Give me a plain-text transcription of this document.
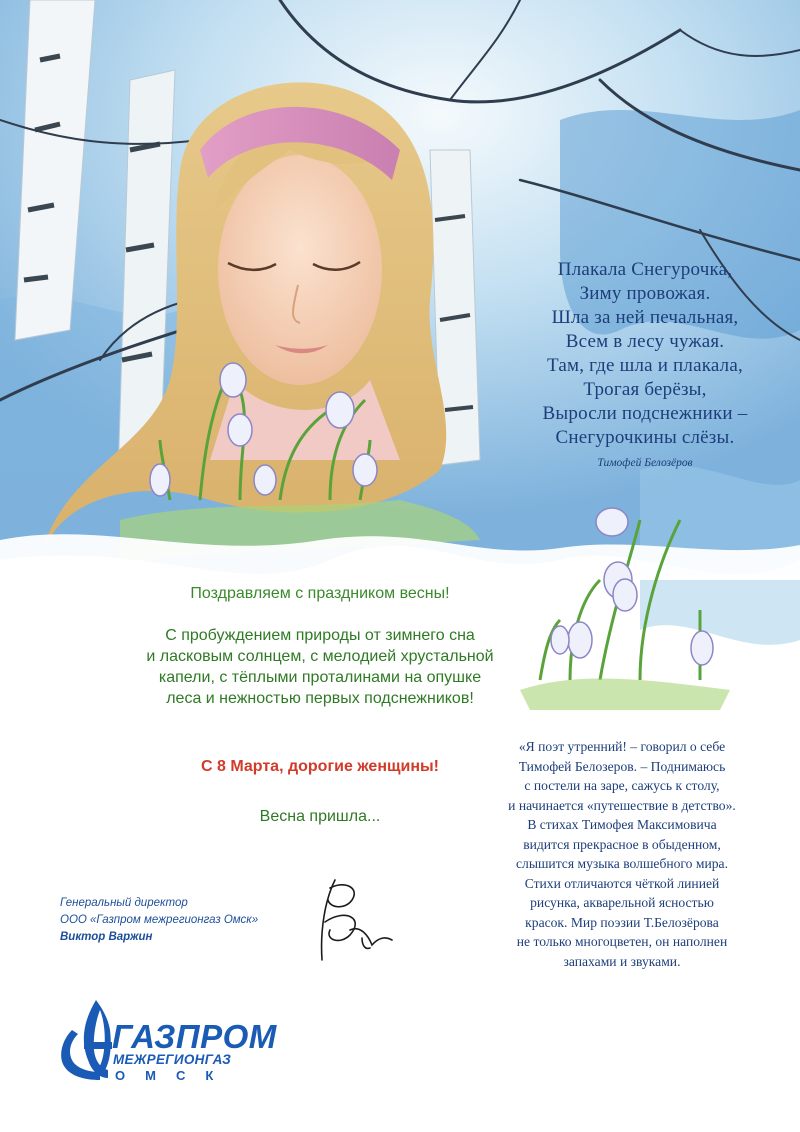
Плакала Снегурочка,
Зиму провожая.
Шла за ней печальная,
Всем в лесу чужая.
Там, где шла и плакала,
Трогая берёзы,
Выросли подснежники –
Снегурочкины слёзы.
Тимофей Белозёров
Поздравляем с праздником весны!
С пробуждением природы от зимнего сна
и ласковым солнцем, с мелодией хрустальной
капели, с тёплыми проталинами на опушке
леса и нежностью первых подснежников!
С 8 Марта, дорогие женщины!
Весна пришла...
«Я поэт утренний! – говорил о себе
Тимофей Белозеров. – Поднимаюсь
с постели на заре, сажусь к столу,
и начинается «путешествие в детство».
В стихах Тимофея Максимовича
видится прекрасное в обыденном,
слышится музыка волшебного мира.
Стихи отличаются чёткой линией
рисунка, акварельной ясностью
красок. Мир поэзии Т.Белозёрова
не только многоцветен, он наполнен
запахами и звуками.
Генеральный директор
ООО «Газпром межрегионгаз Омск»
Виктор Варжин
ГАЗПРОМ
МЕЖРЕГИОНГАЗ
ОМСК
